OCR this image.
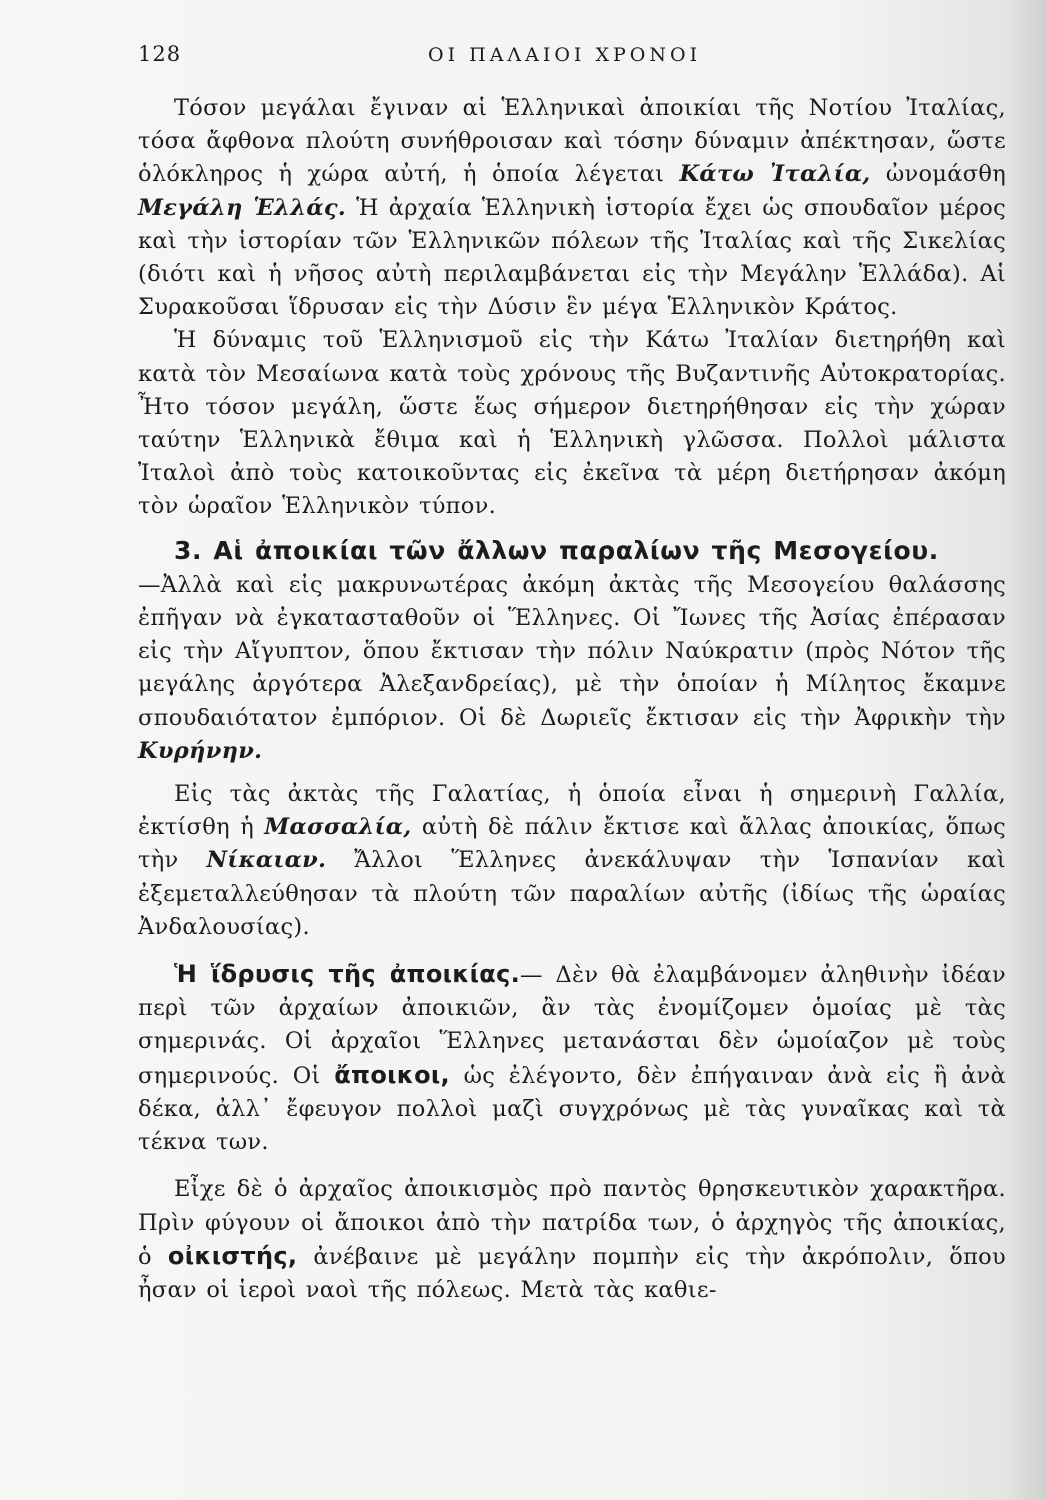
128	ΟΙ ΠΑΛΑΙΟΙ ΧΡΟΝΟΙ

Τόσον μεγάλαι ἔγιναν αἱ Ἑλληνικαὶ ἀποικίαι τῆς Νοτίου Ἰταλίας, τόσα ἄφθονα πλούτη συνήθροισαν καὶ τόσην δύναμιν ἀπέκτησαν, ὥστε ὁλόκληρος ἡ χώρα αὐτή, ἡ ὁποία λέγεται Κάτω Ἰταλία, ὠνομάσθη Μεγάλη Ἑλλάς. Ἡ ἀρχαία Ἑλληνικὴ ἱστορία ἔχει ὡς σπουδαῖον μέρος καὶ τὴν ἱστορίαν τῶν Ἑλληνικῶν πόλεων τῆς Ἰταλίας καὶ τῆς Σικελίας (διότι καὶ ἡ νῆσος αὐτὴ περιλαμβάνεται εἰς τὴν Μεγάλην Ἑλλάδα). Αἱ Συρακοῦσαι ἵδρυσαν εἰς τὴν Δύσιν ἓν μέγα Ἑλληνικὸν Κράτος.

Ἡ δύναμις τοῦ Ἑλληνισμοῦ εἰς τὴν Κάτω Ἰταλίαν διετηρήθη καὶ κατὰ τὸν Μεσαίωνα κατὰ τοὺς χρόνους τῆς Βυζαντινῆς Αὐτοκρατορίας. Ἦτο τόσον μεγάλη, ὥστε ἕως σήμερον διετηρήθησαν εἰς τὴν χώραν ταύτην Ἑλληνικὰ ἔθιμα καὶ ἡ Ἑλληνικὴ γλῶσσα. Πολλοὶ μάλιστα Ἰταλοὶ ἀπὸ τοὺς κατοικοῦντας εἰς ἐκεῖνα τὰ μέρη διετήρησαν ἀκόμη τὸν ὡραῖον Ἑλληνικὸν τύπον.

3. Αἱ ἀποικίαι τῶν ἄλλων παραλίων τῆς Μεσογείου.
—Ἀλλὰ καὶ εἰς μακρυνωτέρας ἀκόμη ἀκτὰς τῆς Μεσογείου θαλάσσης ἐπῆγαν νὰ ἐγκατασταθοῦν οἱ Ἕλληνες. Οἱ Ἴωνες τῆς Ἀσίας ἐπέρασαν εἰς τὴν Αἴγυπτον, ὅπου ἔκτισαν τὴν πόλιν Ναύκρατιν (πρὸς Νότον τῆς μεγάλης ἀργότερα Ἀλεξανδρείας), μὲ τὴν ὁποίαν ἡ Μίλητος ἔκαμνε σπουδαιότατον ἐμπόριον. Οἱ δὲ Δωριεῖς ἔκτισαν εἰς τὴν Ἀφρικὴν τὴν Κυρήνην.

Εἰς τὰς ἀκτὰς τῆς Γαλατίας, ἡ ὁποία εἶναι ἡ σημερινὴ Γαλλία, ἐκτίσθη ἡ Μασσαλία, αὐτὴ δὲ πάλιν ἔκτισε καὶ ἄλλας ἀποικίας, ὅπως τὴν Νίκαιαν. Ἄλλοι Ἕλληνες ἀνεκάλυψαν τὴν Ἱσπανίαν καὶ ἐξεμεταλλεύθησαν τὰ πλούτη τῶν παραλίων αὐτῆς (ἰδίως τῆς ὡραίας Ἀνδαλουσίας).

Ἡ ἵδρυσις τῆς ἀποικίας.— Δὲν θὰ ἐλαμβάνομεν ἀληθινὴν ἰδέαν περὶ τῶν ἀρχαίων ἀποικιῶν, ἂν τὰς ἐνομίζομεν ὁμοίας μὲ τὰς σημερινάς. Οἱ ἀρχαῖοι Ἕλληνες μετανάσται δὲν ὡμοίαζον μὲ τοὺς σημερινούς. Οἱ ἄποικοι, ὡς ἐλέγοντο, δὲν ἐπήγαιναν ἀνὰ εἰς ἢ ἀνὰ δέκα, ἀλλ᾽ ἔφευγον πολλοὶ μαζὶ συγχρόνως μὲ τὰς γυναῖκας καὶ τὰ τέκνα των.

Εἶχε δὲ ὁ ἀρχαῖος ἀποικισμὸς πρὸ παντὸς θρησκευτικὸν χαρακτῆρα. Πρὶν φύγουν οἱ ἄποικοι ἀπὸ τὴν πατρίδα των, ὁ ἀρχηγὸς τῆς ἀποικίας, ὁ οἰκιστής, ἀνέβαινε μὲ μεγάλην πομπὴν εἰς τὴν ἀκρόπολιν, ὅπου ἦσαν οἱ ἱεροὶ ναοὶ τῆς πόλεως. Μετὰ τὰς καθιε-
